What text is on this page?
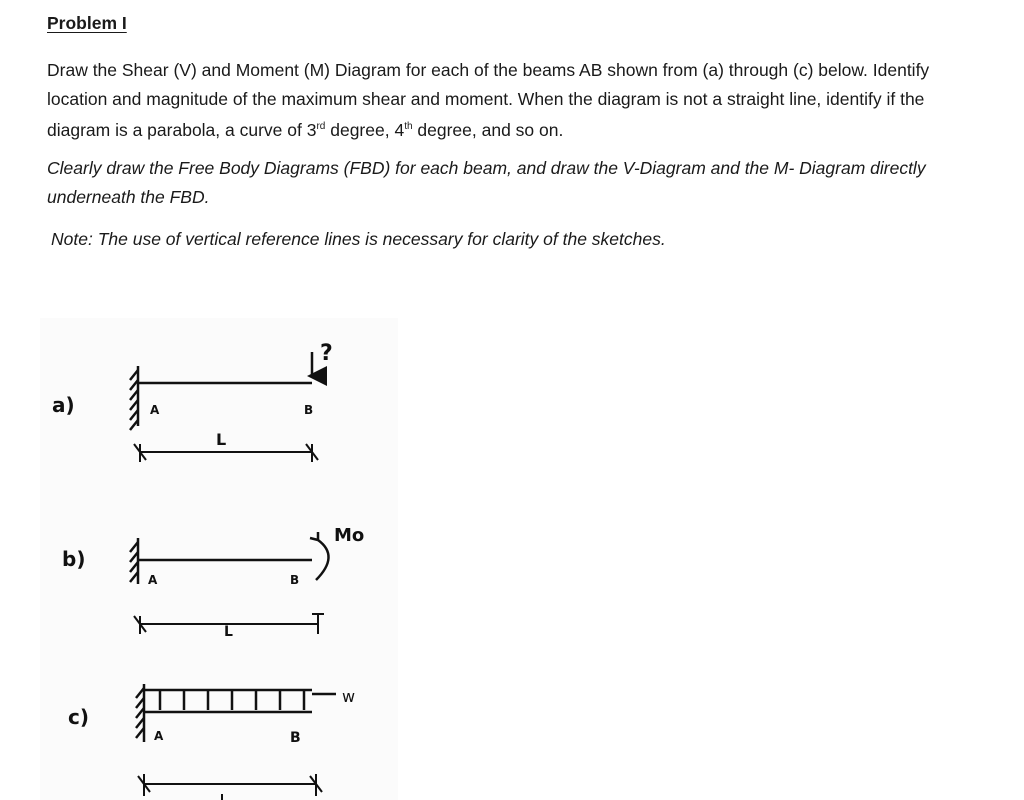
Problem I

Draw the Shear (V) and Moment (M) Diagram for each of the beams AB shown from (a) through (c) below. Identify location and magnitude of the maximum shear and moment. When the diagram is not a straight line, identify if the diagram is a parabola, a curve of 3rd degree, 4th degree, and so on.

Clearly draw the Free Body Diagrams (FBD) for each beam, and draw the V-Diagram and the M- Diagram directly underneath the FBD.

Note: The use of vertical reference lines is necessary for clarity of the sketches.

a)	A	B
?
L
b)
A	B
Mo
L
c)
w
A	B
